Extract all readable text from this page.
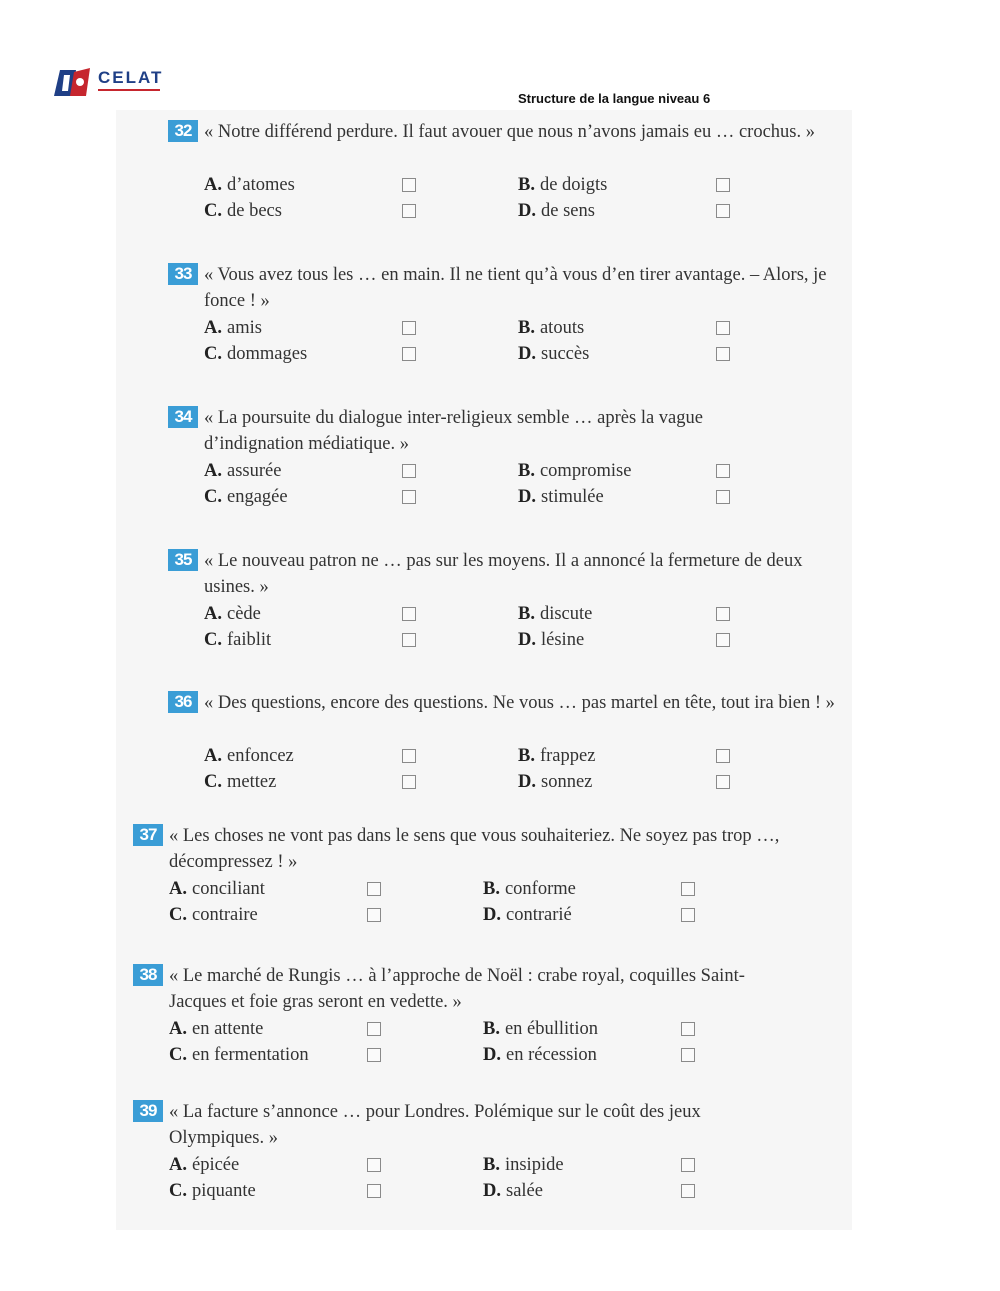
CELAT
Structure de la langue niveau 6
32 « Notre différend perdure. Il faut avouer que nous n’avons jamais eu … crochus. »
A. d’atomes	B. de doigts
C. de becs	D. de sens
33 « Vous avez tous les … en main. Il ne tient qu’à vous d’en tirer avantage. – Alors, je fonce ! »
A. amis	B. atouts
C. dommages	D. succès
34 « La poursuite du dialogue inter-religieux semble … après la vague d’indignation médiatique. »
A. assurée	B. compromise
C. engagée	D. stimulée
35 « Le nouveau patron ne … pas sur les moyens. Il a annoncé la fermeture de deux usines. »
A. cède	B. discute
C. faiblit	D. lésine
36 « Des questions, encore des questions. Ne vous … pas martel en tête, tout ira bien ! »
A. enfoncez	B. frappez
C. mettez	D. sonnez
37 « Les choses ne vont pas dans le sens que vous souhaiteriez. Ne soyez pas trop …, décompressez ! »
A. conciliant	B. conforme
C. contraire	D. contrarié
38 « Le marché de Rungis … à l’approche de Noël : crabe royal, coquilles Saint-Jacques et foie gras seront en vedette. »
A. en attente	B. en ébullition
C. en fermentation	D. en récession
39 « La facture s’annonce … pour Londres. Polémique sur le coût des jeux Olympiques. »
A. épicée	B. insipide
C. piquante	D. salée
